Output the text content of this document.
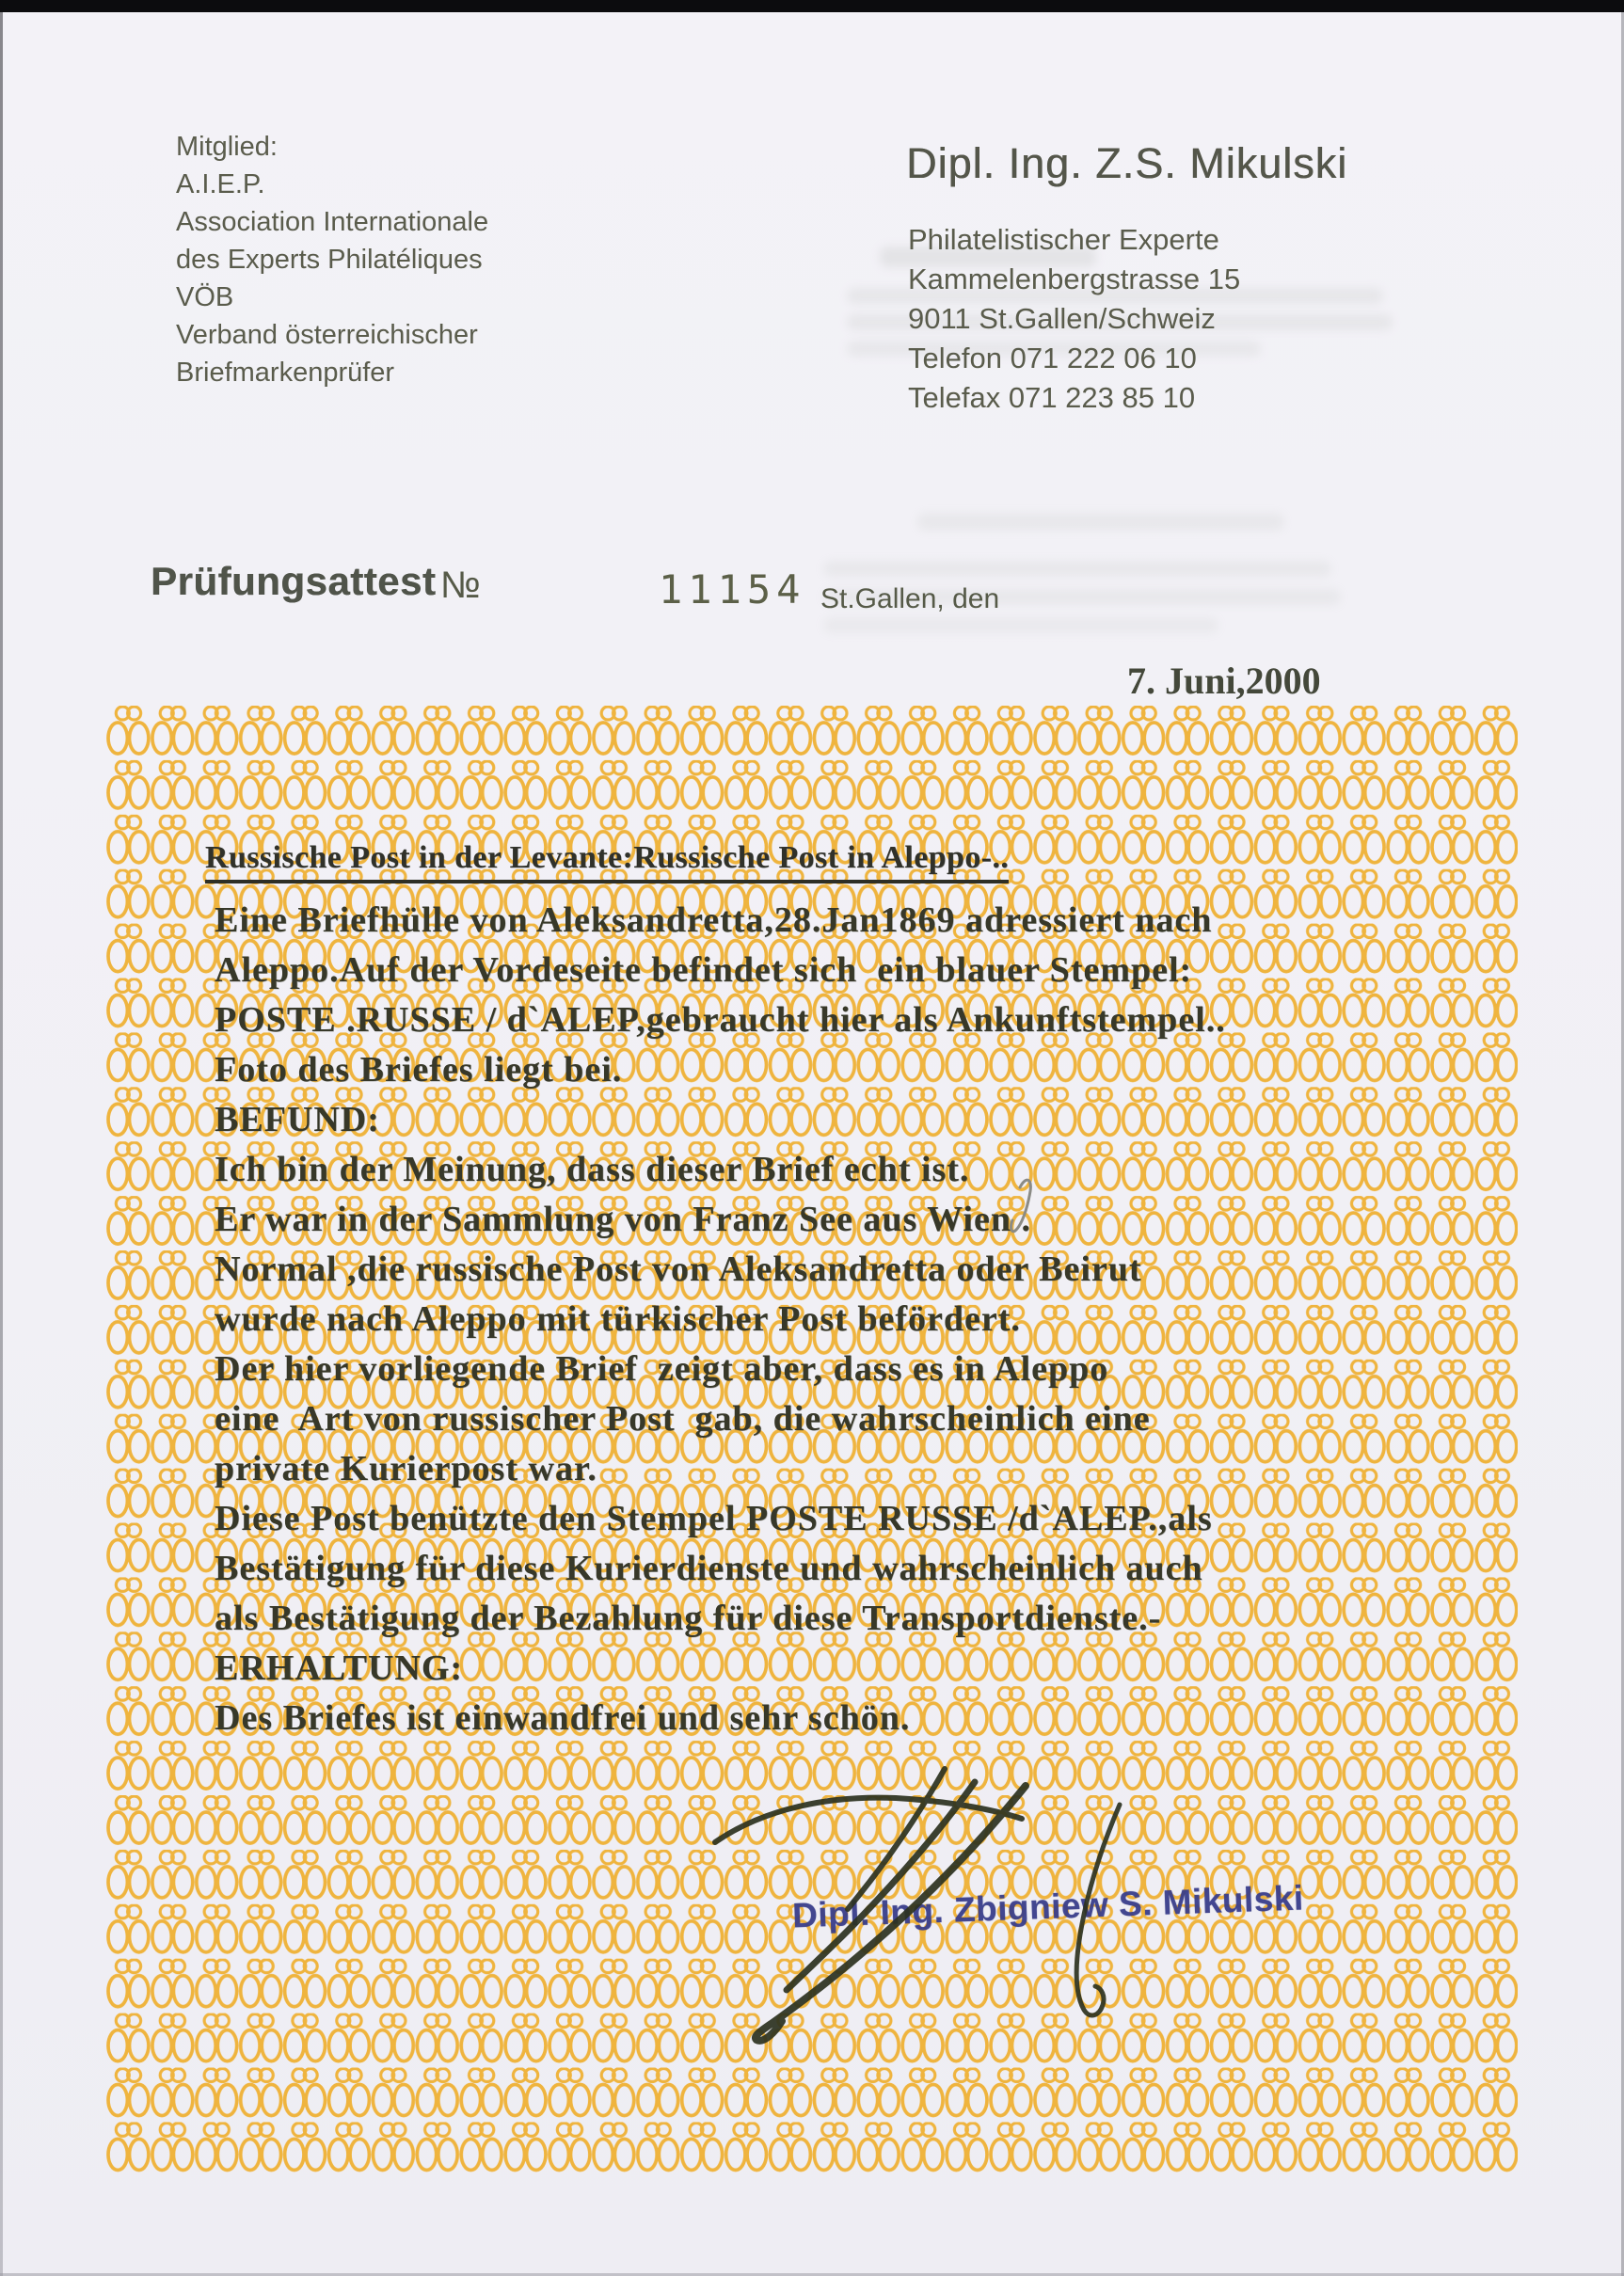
Mitglied:
A.I.E.P.
Association Internationale
des Experts Philatéliques
VÖB
Verband österreichischer
Briefmarkenprüfer
Dipl. Ing. Z.S. Mikulski
Philatelistischer Experte
Kammelenbergstrasse 15
9011 St.Gallen/Schweiz
Telefon 071 222 06 10
Telefax 071 223 85 10
Prüfungsattest №	11154 St.Gallen, den
7. Juni,2000
Russische Post in der Levante:Russische Post in Aleppo-..
Eine Briefhülle von Aleksandretta,28.Jan1869 adressiert nach
Aleppo.Auf der Vordeseite befindet sich  ein blauer Stempel:
POSTE .RUSSE / d`ALEP,gebraucht hier als Ankunftstempel..
Foto des Briefes liegt bei.
BEFUND:
Ich bin der Meinung, dass dieser Brief echt ist.
Er war in der Sammlung von Franz See aus Wien .
Normal ,die russische Post von Aleksandretta oder Beirut
wurde nach Aleppo mit türkischer Post befördert.
Der hier vorliegende Brief  zeigt aber, dass es in Aleppo
eine  Art von russischer Post  gab, die wahrscheinlich eine
private Kurierpost war.
Diese Post benützte den Stempel POSTE RUSSE /d`ALEP.,als
Bestätigung für diese Kurierdienste und wahrscheinlich auch
als Bestätigung der Bezahlung für diese Transportdienste.-
ERHALTUNG:
Des Briefes ist einwandfrei und sehr schön.
Dipl. Ing. Zbigniew S. Mikulski
